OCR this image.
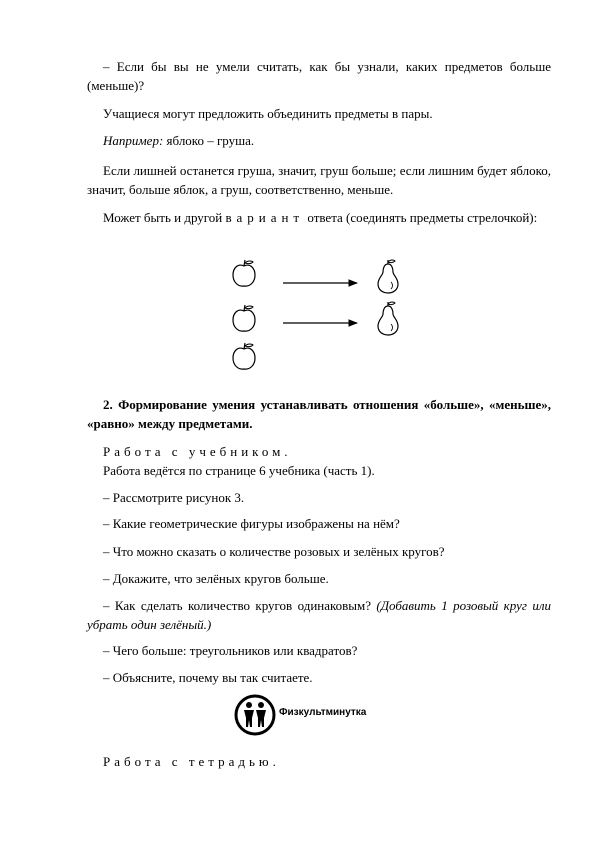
– Если бы вы не умели считать, как бы узнали, каких предметов больше (меньше)?

Учащиеся могут предложить объединить предметы в пары.

Например: яблоко – груша.

Если лишней останется груша, значит, груш больше; если лишним будет яблоко, значит, больше яблок, а груш, соответственно, меньше.

Может быть и другой вариант ответа (соединять предметы стрелочкой):

2. Формирование умения устанавливать отношения «больше», «меньше», «равно» между предметами.

Работа с учебником.

Работа ведётся по странице 6 учебника (часть 1).

– Рассмотрите рисунок 3.

– Какие геометрические фигуры изображены на нём?

– Что можно сказать о количестве розовых и зелёных кругов?

– Докажите, что зелёных кругов больше.

– Как сделать количество кругов одинаковым? (Добавить 1 розовый круг или убрать один зелёный.)

– Чего больше: треугольников или квадратов?

– Объясните, почему вы так считаете.

Физкультминутка

Работа с тетрадью.
